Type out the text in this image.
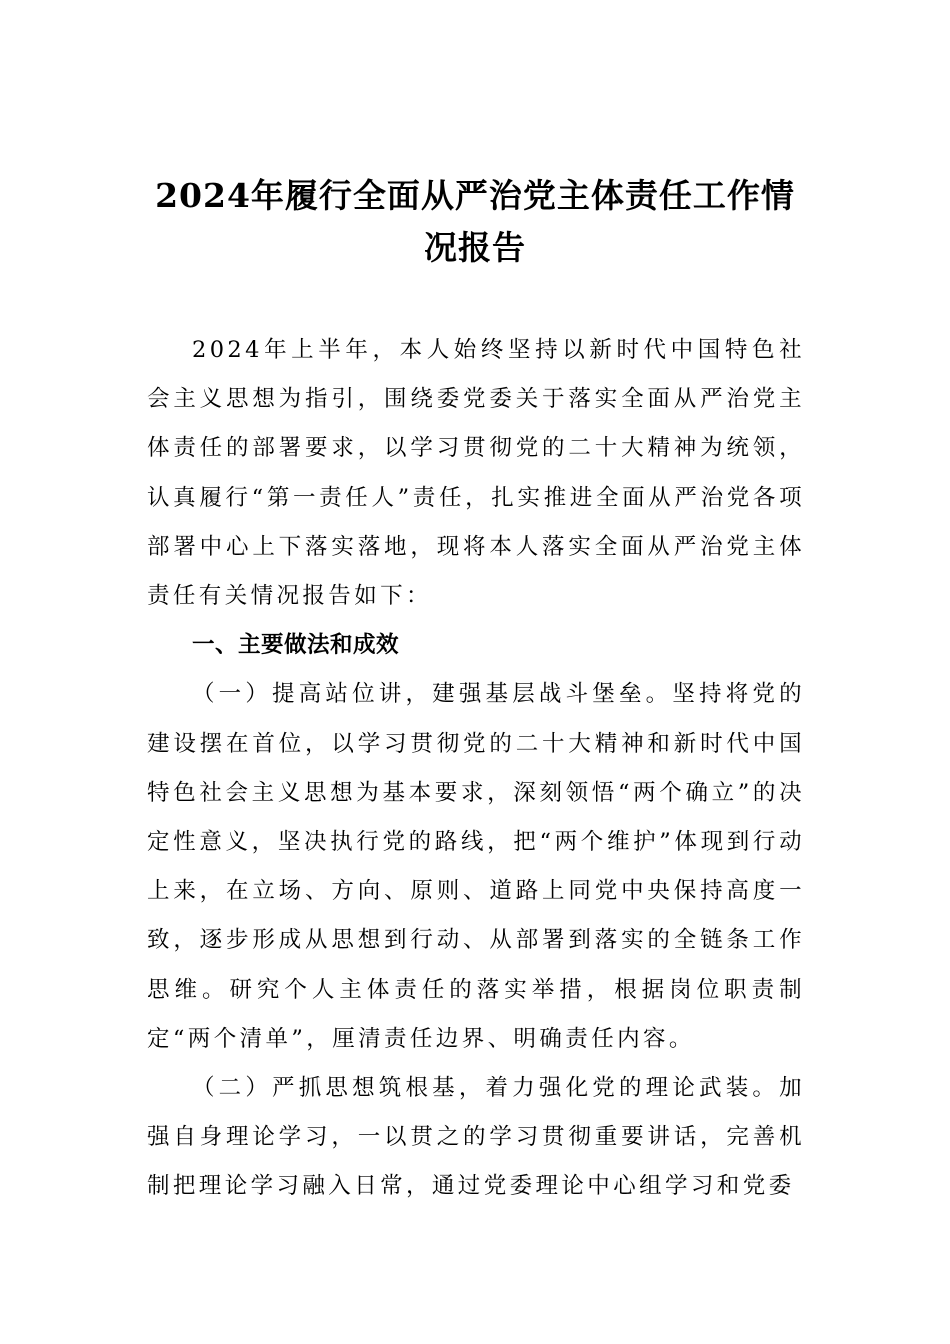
2024年履行全面从严治党主体责任工作情况报告

2024年上半年，本人始终坚持以新时代中国特色社会主义思想为指引，围绕委党委关于落实全面从严治党主体责任的部署要求，以学习贯彻党的二十大精神为统领，认真履行“第一责任人”责任，扎实推进全面从严治党各项部署中心上下落实落地，现将本人落实全面从严治党主体责任有关情况报告如下：

一、主要做法和成效

（一）提高站位讲，建强基层战斗堡垒。坚持将党的建设摆在首位，以学习贯彻党的二十大精神和新时代中国特色社会主义思想为基本要求，深刻领悟“两个确立”的决定性意义，坚决执行党的路线，把“两个维护”体现到行动上来，在立场、方向、原则、道路上同党中央保持高度一致，逐步形成从思想到行动、从部署到落实的全链条工作思维。研究个人主体责任的落实举措，根据岗位职责制定“两个清单”，厘清责任边界、明确责任内容。

（二）严抓思想筑根基，着力强化党的理论武装。加强自身理论学习，一以贯之的学习贯彻重要讲话，完善机制把理论学习融入日常，通过党委理论中心组学习和党委
